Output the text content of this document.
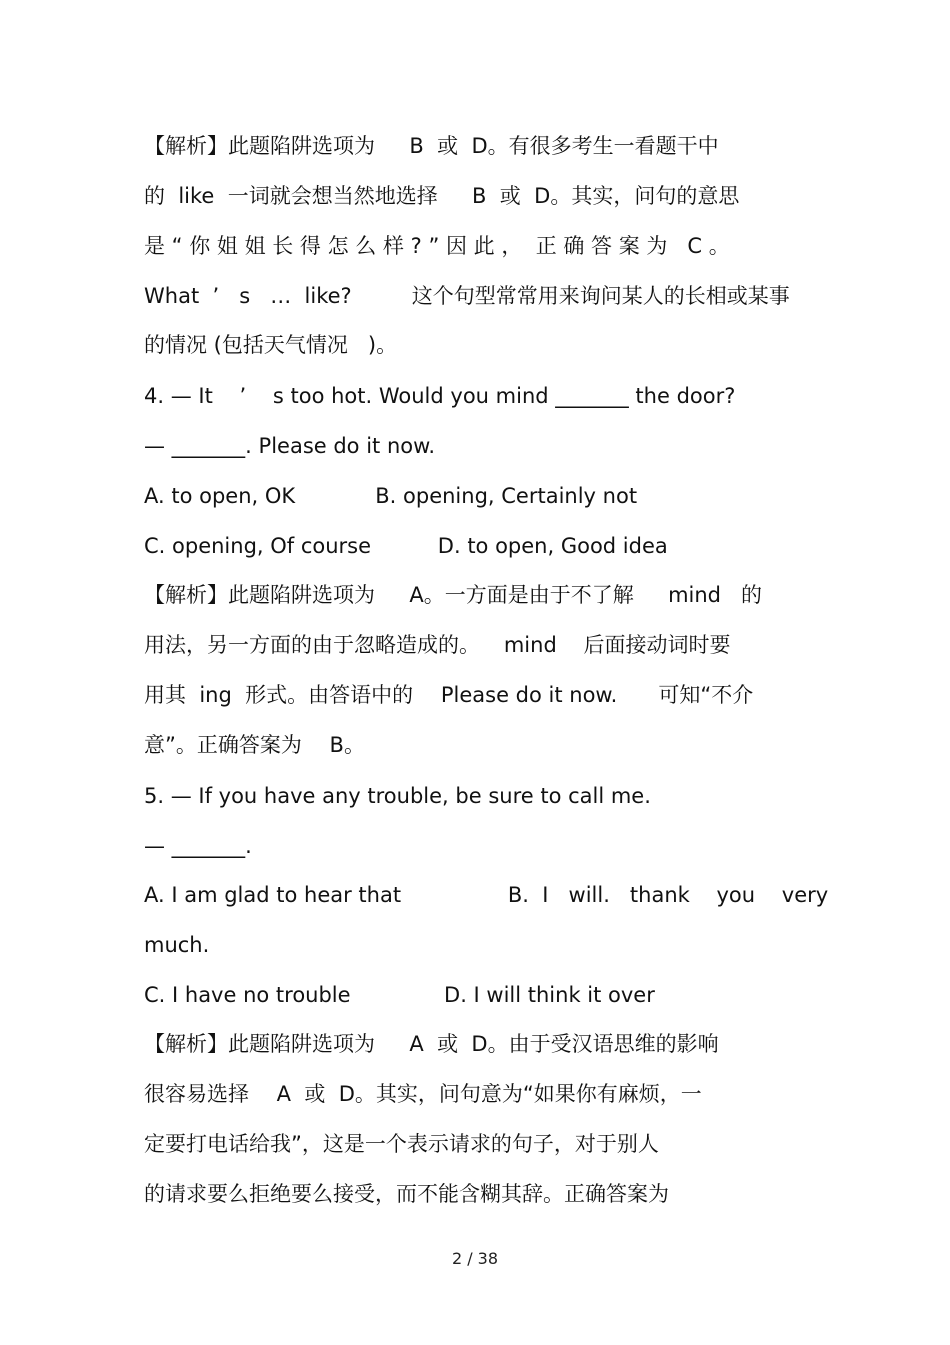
【解析】此题陷阱选项为　  B  或  D。有很多考生一看题干中
的  like  一词就会想当然地选择　  B  或  D。其实，问句的意思
是 “ 你 姐 姐 长 得 怎 么 样 ? ” 因 此 ，  正 确 答 案 为   C 。
What  ’   s   …  like?         这个句型常常用来询问某人的长相或某事
的情况 (包括天气情况   )。
4. — It    ’    s too hot. Would you mind _______ the door?
— _______. Please do it now.
A. to open, OK            B. opening, Certainly not
C. opening, Of course          D. to open, Good idea
【解析】此题陷阱选项为　  A。一方面是由于不了解　  mind   的
用法，另一方面的由于忽略造成的。　  mind    后面接动词时要
用其  ing  形式。由答语中的　 Please do it now.　   可知“不介
意”。正确答案为　 B。
5. — If you have any trouble, be sure to call me.
— _______.
A. I am glad to hear that                B.  I   will.   thank    you    very
much.
C. I have no trouble              D. I will think it over
【解析】此题陷阱选项为　  A  或  D。由于受汉语思维的影响
很容易选择　 A  或  D。其实，问句意为“如果你有麻烦，一
定要打电话给我”，这是一个表示请求的句子，对于别人
的请求要么拒绝要么接受，而不能含糊其辞。正确答案为
2 / 38
